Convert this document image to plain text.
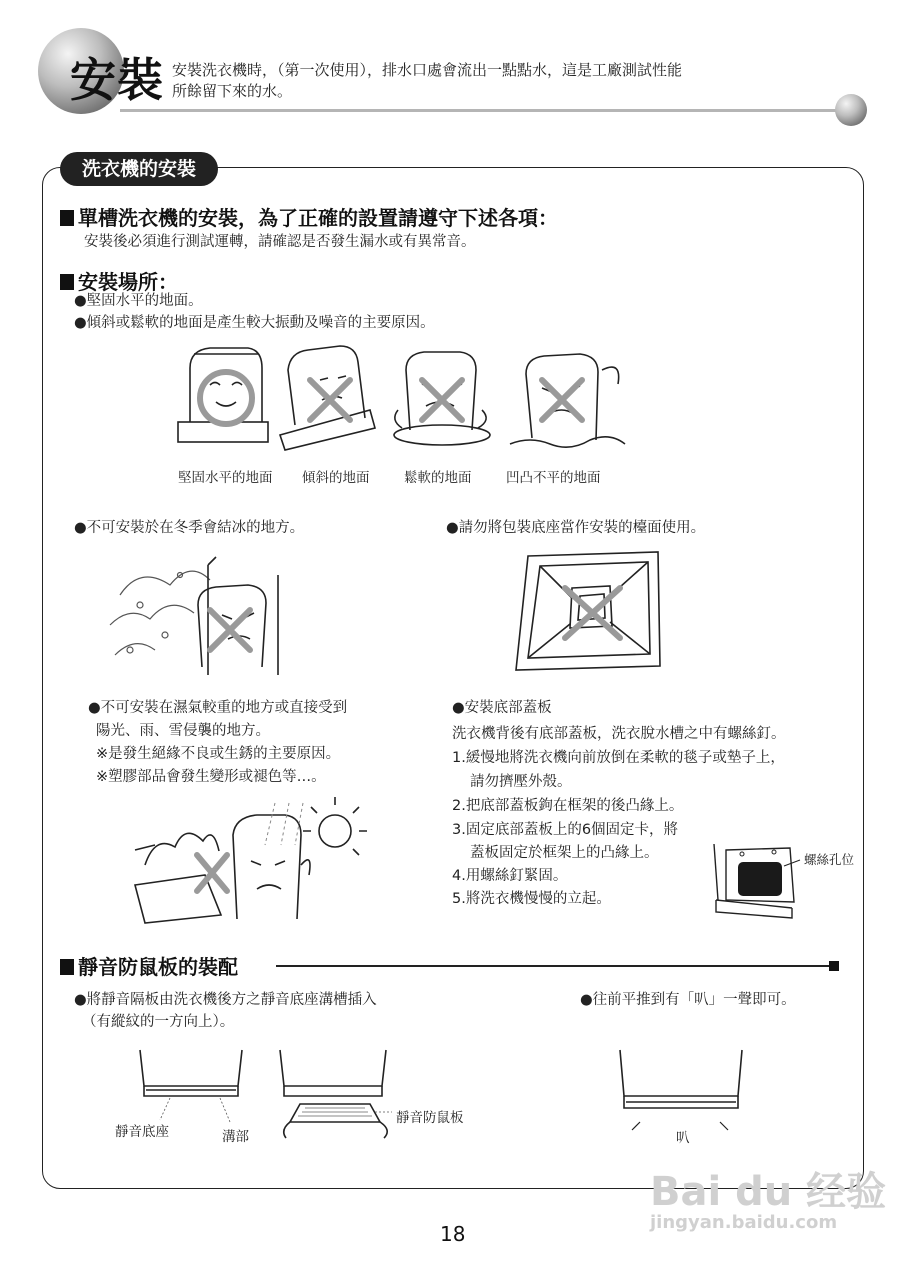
安裝 安裝洗衣機時，（第一次使用），排水口處會流出一點點水，這是工廠測試性能
所餘留下來的水。
洗衣機的安裝
單槽洗衣機的安裝，為了正確的設置請遵守下述各項：
安裝後必須進行測試運轉，請確認是否發生漏水或有異常音。
安裝場所：
●堅固水平的地面。
●傾斜或鬆軟的地面是產生較大振動及噪音的主要原因。
堅固水平的地面 傾斜的地面	鬆軟的地面	凹凸不平的地面
●不可安裝於在冬季會結冰的地方。	●請勿將包裝底座當作安裝的檯面使用。
●不可安裝在濕氣較重的地方或直接受到
陽光、雨、雪侵襲的地方。
※是發生絕緣不良或生銹的主要原因。
※塑膠部品會發生變形或褪色等…。
●安裝底部蓋板
洗衣機背後有底部蓋板，洗衣脫水槽之中有螺絲釘。
1.緩慢地將洗衣機向前放倒在柔軟的毯子或墊子上，
請勿擠壓外殼。
2.把底部蓋板鉤在框架的後凸緣上。
3.固定底部蓋板上的6個固定卡，將
蓋板固定於框架上的凸緣上。
4.用螺絲釘緊固。
5.將洗衣機慢慢的立起。
螺絲孔位
靜音防鼠板的裝配
●將靜音隔板由洗衣機後方之靜音底座溝槽插入
（有縱紋的一方向上）。
●往前平推到有「叭」一聲即可。
靜音底座	溝部
靜音防鼠板
叭
18
Bai du 经验
jingyan.baidu.com
